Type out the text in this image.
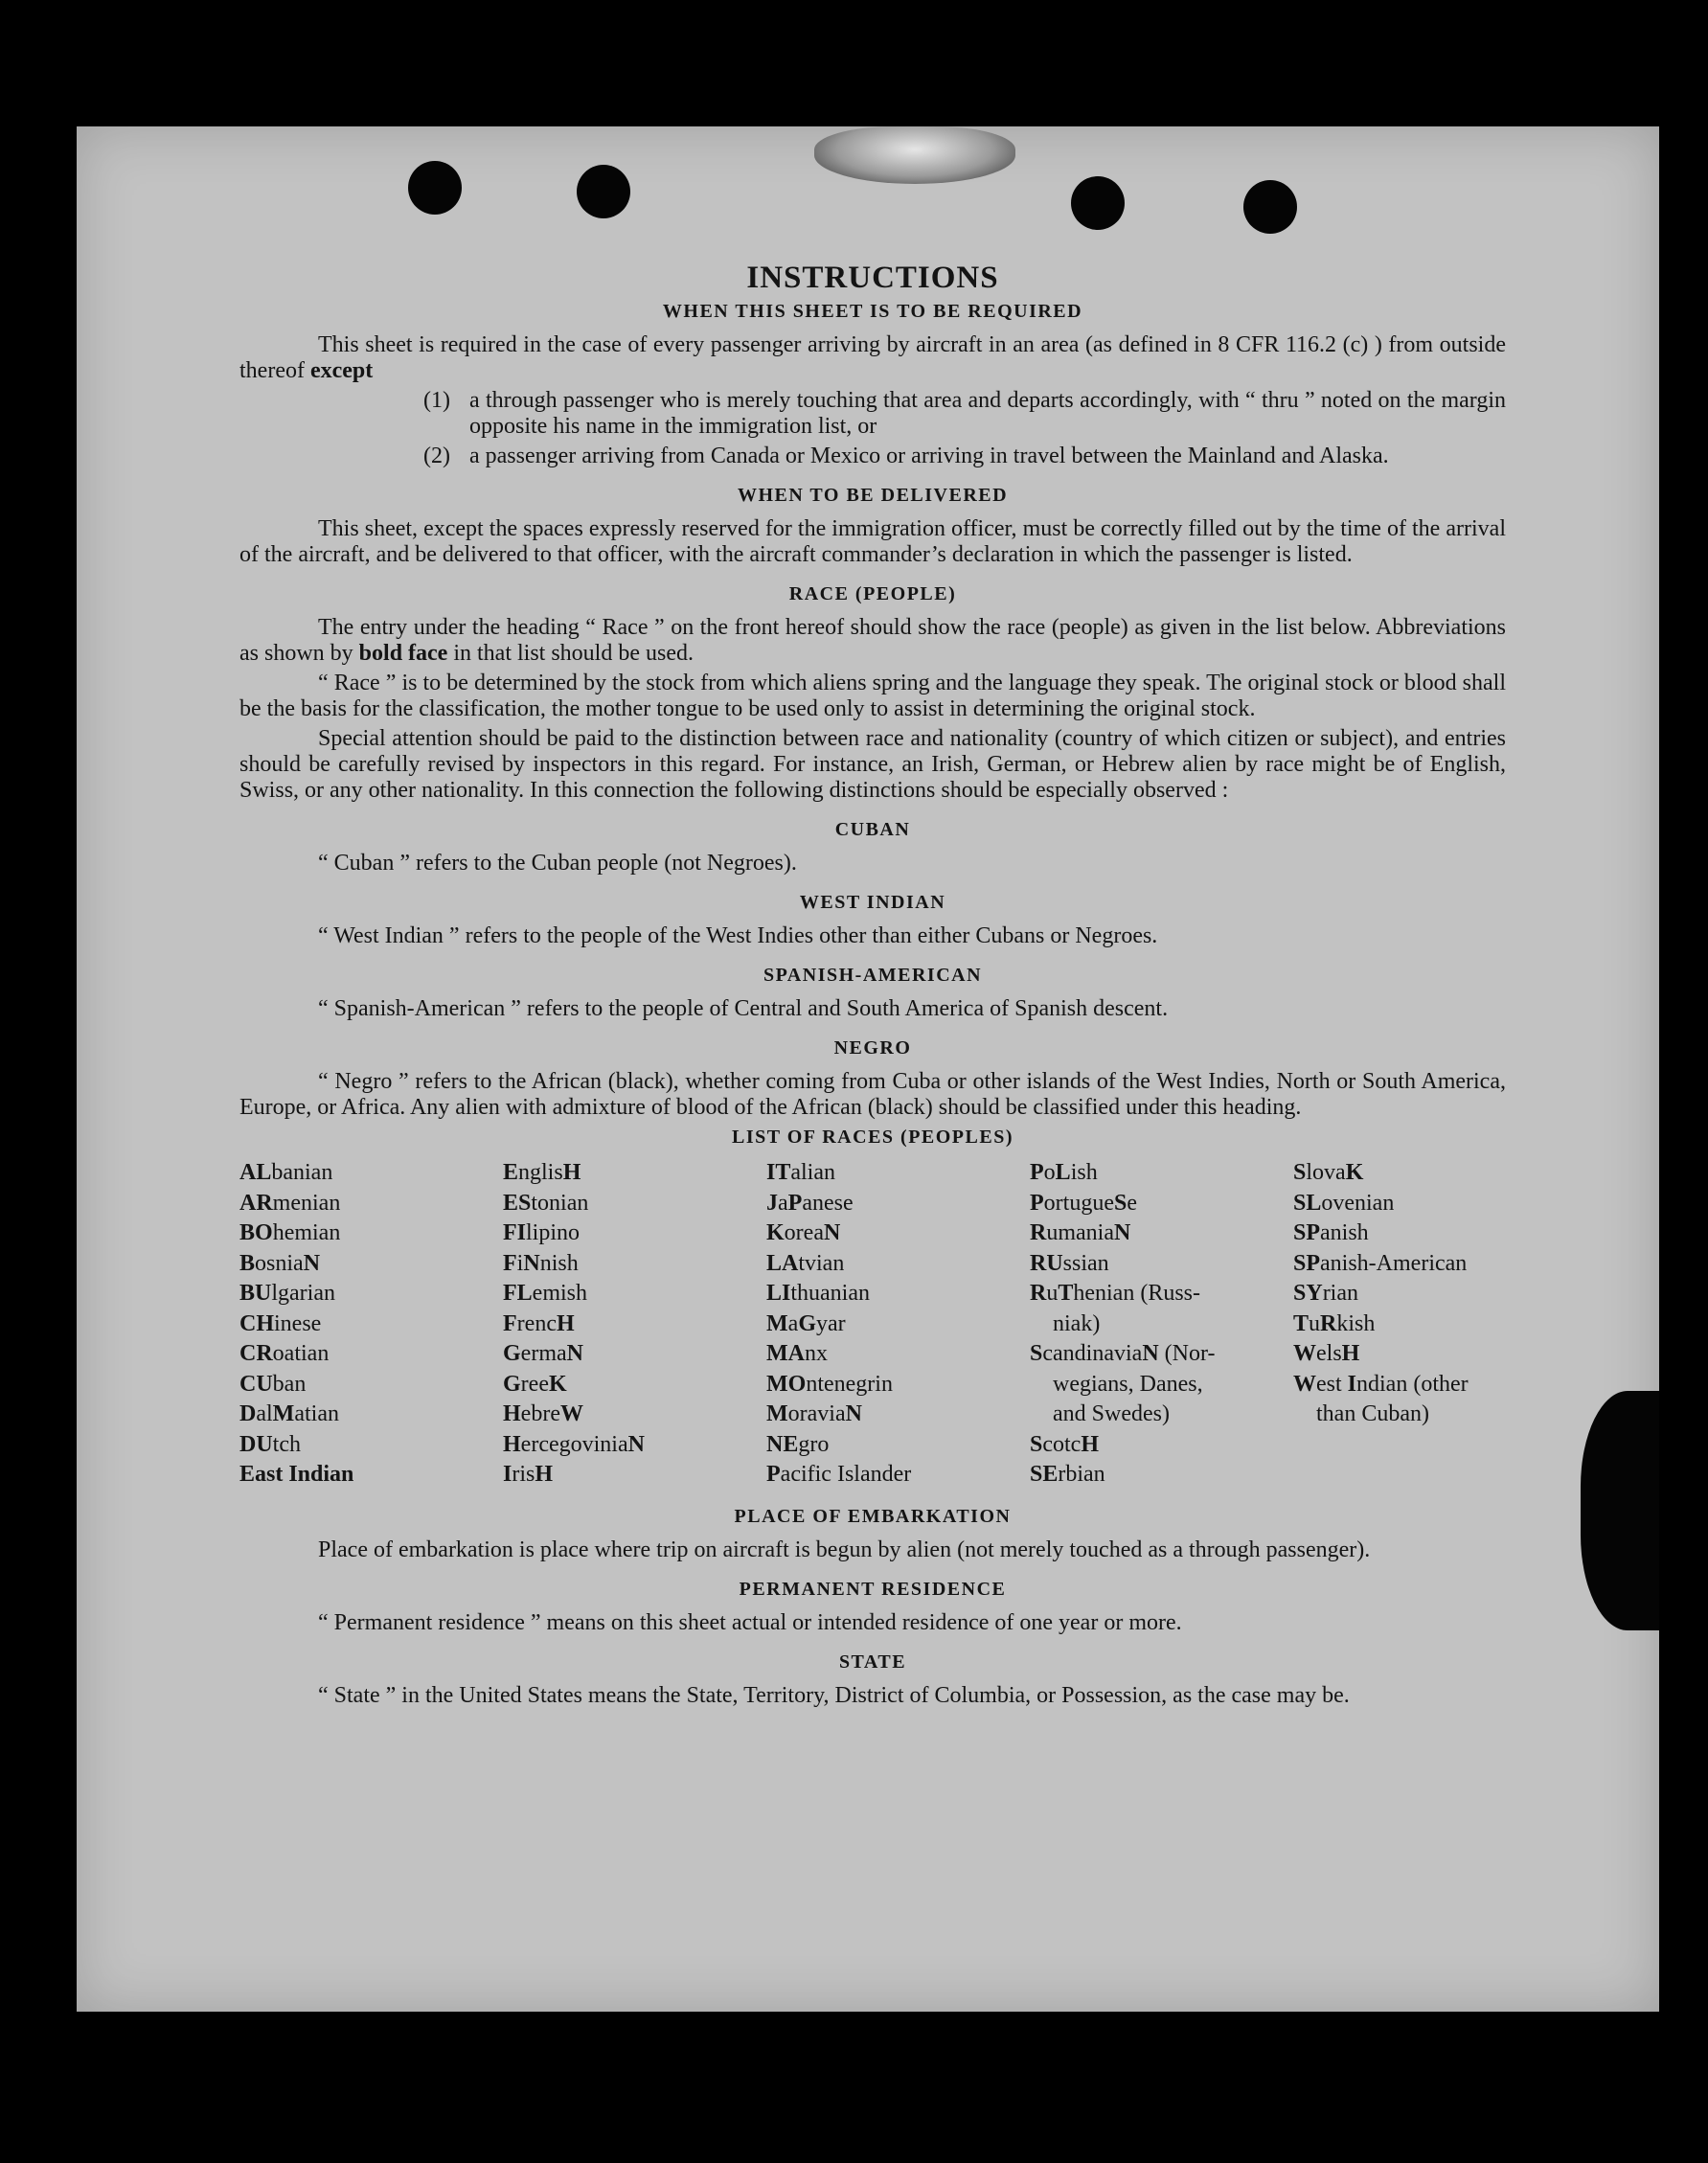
INSTRUCTIONS
WHEN THIS SHEET IS TO BE REQUIRED

This sheet is required in the case of every passenger arriving by aircraft in an area (as defined in 8 CFR 116.2 (c) ) from outside thereof except

(1) a through passenger who is merely touching that area and departs accordingly, with “ thru ” noted on the margin opposite his name in the immigration list, or

(2) a passenger arriving from Canada or Mexico or arriving in travel between the Mainland and Alaska.

WHEN TO BE DELIVERED

This sheet, except the spaces expressly reserved for the immigration officer, must be correctly filled out by the time of the arrival of the aircraft, and be delivered to that officer, with the aircraft commander’s declaration in which the passenger is listed.

RACE (PEOPLE)

The entry under the heading “ Race ” on the front hereof should show the race (people) as given in the list below. Abbreviations as shown by bold face in that list should be used.

“ Race ” is to be determined by the stock from which aliens spring and the language they speak. The original stock or blood shall be the basis for the classification, the mother tongue to be used only to assist in determining the original stock.

Special attention should be paid to the distinction between race and nationality (country of which citizen or subject), and entries should be carefully revised by inspectors in this regard. For instance, an Irish, German, or Hebrew alien by race might be of English, Swiss, or any other nationality. In this connection the following distinctions should be especially observed :

CUBAN

“ Cuban ” refers to the Cuban people (not Negroes).

WEST INDIAN

“ West Indian ” refers to the people of the West Indies other than either Cubans or Negroes.

SPANISH-AMERICAN

“ Spanish-American ” refers to the people of Central and South America of Spanish descent.

NEGRO

“ Negro ” refers to the African (black), whether coming from Cuba or other islands of the West Indies, North or South America, Europe, or Africa. Any alien with admixture of blood of the African (black) should be classified under this heading.

LIST OF RACES (PEOPLES)
ALbanian
ARmenian
BOhemian
BosniaN
BUlgarian
CHinese
CRoatian
CUban
DalMatian
DUtch
East Indian
EnglisH
EStonian
FIlipino
FiNnish
FLemish
FrencH
GermaN
GreeK
HebreW
HercegoviniaN
IrisH
ITalian
JaPanese
KoreaN
LAtvian
LIthuanian
MaGyar
MAnx
MOntenegrin
MoraviaN
NEgro
Pacific Islander
PoLish
PortugueSe
RumaniaN
RUssian
RuThenian (Russ-
niak)
ScandinaviaN (Nor-
wegians, Danes,
and Swedes)
ScotcH
SErbian
SlovaK
SLovenian
SPanish
SPanish-American
SYrian
TuRkish
WelsH
West Indian (other
than Cuban)
PLACE OF EMBARKATION

Place of embarkation is place where trip on aircraft is begun by alien (not merely touched as a through passenger).

PERMANENT RESIDENCE

“ Permanent residence ” means on this sheet actual or intended residence of one year or more.

STATE

“ State ” in the United States means the State, Territory, District of Columbia, or Possession, as the case may be.
